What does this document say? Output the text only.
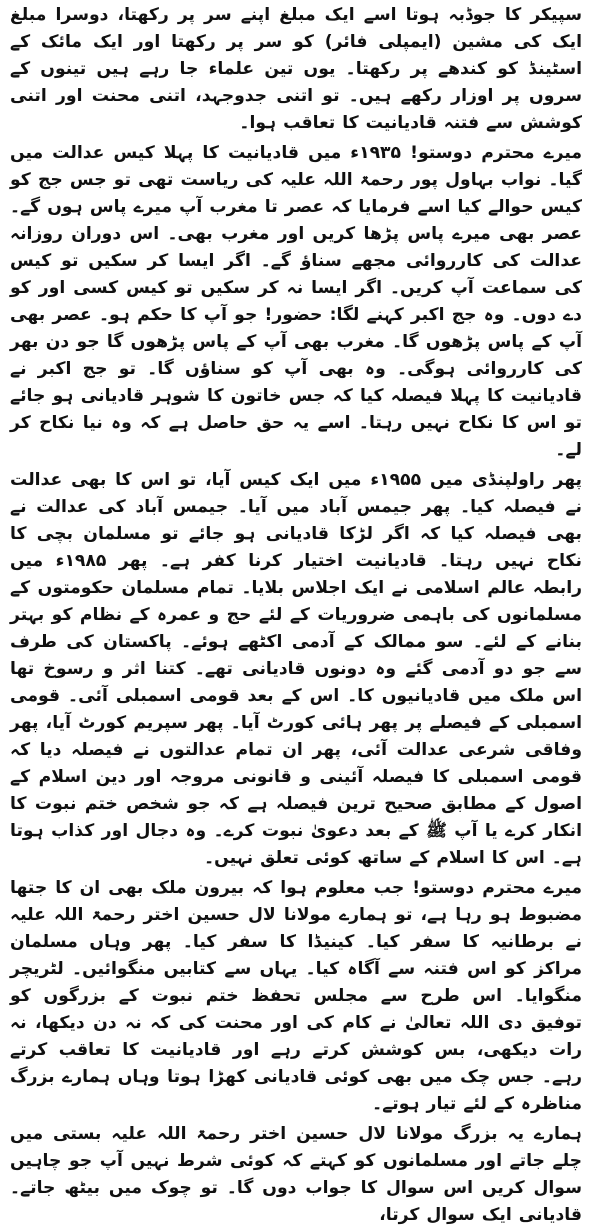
سپیکر کا جوڈبہ ہوتا اسے ایک مبلغ اپنے سر پر رکھتا، دوسرا مبلغ ایک کی مشین (ایمپلی فائر) کو سر پر رکھتا اور ایک مائک کے اسٹینڈ کو کندھے پر رکھتا۔ یوں تین علماء جا رہے ہیں تینوں کے سروں پر اوزار رکھے ہیں۔ تو اتنی جدوجہد، اتنی محنت اور اتنی کوشش سے فتنہ قادیانیت کا تعاقب ہوا۔

میرے محترم دوستو! ۱۹۳۵ء میں قادیانیت کا پہلا کیس عدالت میں گیا۔ نواب بہاول پور رحمۃ اللہ علیہ کی ریاست تھی تو جس جج کو کیس حوالے کیا اسے فرمایا کہ عصر تا مغرب آپ میرے پاس ہوں گے۔ عصر بھی میرے پاس پڑھا کریں اور مغرب بھی۔ اس دوران روزانہ عدالت کی کارروائی مجھے سناؤ گے۔ اگر ایسا کر سکیں تو کیس کی سماعت آپ کریں۔ اگر ایسا نہ کر سکیں تو کیس کسی اور کو دے دوں۔ وہ جج اکبر کہنے لگا: حضور! جو آپ کا حکم ہو۔ عصر بھی آپ کے پاس پڑھوں گا۔ مغرب بھی آپ کے پاس پڑھوں گا جو دن بھر کی کارروائی ہوگی۔ وہ بھی آپ کو سناؤں گا۔ تو جج اکبر نے قادیانیت کا پہلا فیصلہ کیا کہ جس خاتون کا شوہر قادیانی ہو جائے تو اس کا نکاح نہیں رہتا۔ اسے یہ حق حاصل ہے کہ وہ نیا نکاح کر لے۔

پھر راولپنڈی میں ۱۹۵۵ء میں ایک کیس آیا، تو اس کا بھی عدالت نے فیصلہ کیا۔ پھر جیمس آباد میں آیا۔ جیمس آباد کی عدالت نے بھی فیصلہ کیا کہ اگر لڑکا قادیانی ہو جائے تو مسلمان بچی کا نکاح نہیں رہتا۔ قادیانیت اختیار کرنا کفر ہے۔ پھر ۱۹۸۵ء میں رابطہ عالم اسلامی نے ایک اجلاس بلایا۔ تمام مسلمان حکومتوں کے مسلمانوں کی باہمی ضروریات کے لئے حج و عمرہ کے نظام کو بہتر بنانے کے لئے۔ سو ممالک کے آدمی اکٹھے ہوئے۔ پاکستان کی طرف سے جو دو آدمی گئے وہ دونوں قادیانی تھے۔ کتنا اثر و رسوخ تھا اس ملک میں قادیانیوں کا۔ اس کے بعد قومی اسمبلی آئی۔ قومی اسمبلی کے فیصلے پر پھر ہائی کورٹ آیا۔ پھر سپریم کورٹ آیا، پھر وفاقی شرعی عدالت آئی، پھر ان تمام عدالتوں نے فیصلہ دیا کہ قومی اسمبلی کا فیصلہ آئینی و قانونی مروجہ اور دین اسلام کے اصول کے مطابق صحیح ترین فیصلہ ہے کہ جو شخص ختم نبوت کا انکار کرے یا آپ ﷺ کے بعد دعویٰ نبوت کرے۔ وہ دجال اور کذاب ہوتا ہے۔ اس کا اسلام کے ساتھ کوئی تعلق نہیں۔

میرے محترم دوستو! جب معلوم ہوا کہ بیرون ملک بھی ان کا جتھا مضبوط ہو رہا ہے، تو ہمارے مولانا لال حسین اختر رحمۃ اللہ علیہ نے برطانیہ کا سفر کیا۔ کینیڈا کا سفر کیا۔ پھر وہاں مسلمان مراکز کو اس فتنہ سے آگاہ کیا۔ یہاں سے کتابیں منگوائیں۔ لٹریچر منگوایا۔ اس طرح سے مجلس تحفظ ختم نبوت کے بزرگوں کو توفیق دی اللہ تعالیٰ نے کام کی اور محنت کی کہ نہ دن دیکھا، نہ رات دیکھی، بس کوشش کرتے رہے اور قادیانیت کا تعاقب کرتے رہے۔ جس چک میں بھی کوئی قادیانی کھڑا ہوتا وہاں ہمارے بزرگ مناظرہ کے لئے تیار ہوتے۔

ہمارے یہ بزرگ مولانا لال حسین اختر رحمۃ اللہ علیہ بستی میں چلے جاتے اور مسلمانوں کو کہتے کہ کوئی شرط نہیں آپ جو چاہیں سوال کریں اس سوال کا جواب دوں گا۔ تو چوک میں بیٹھ جاتے۔ قادیانی ایک سوال کرتا،
